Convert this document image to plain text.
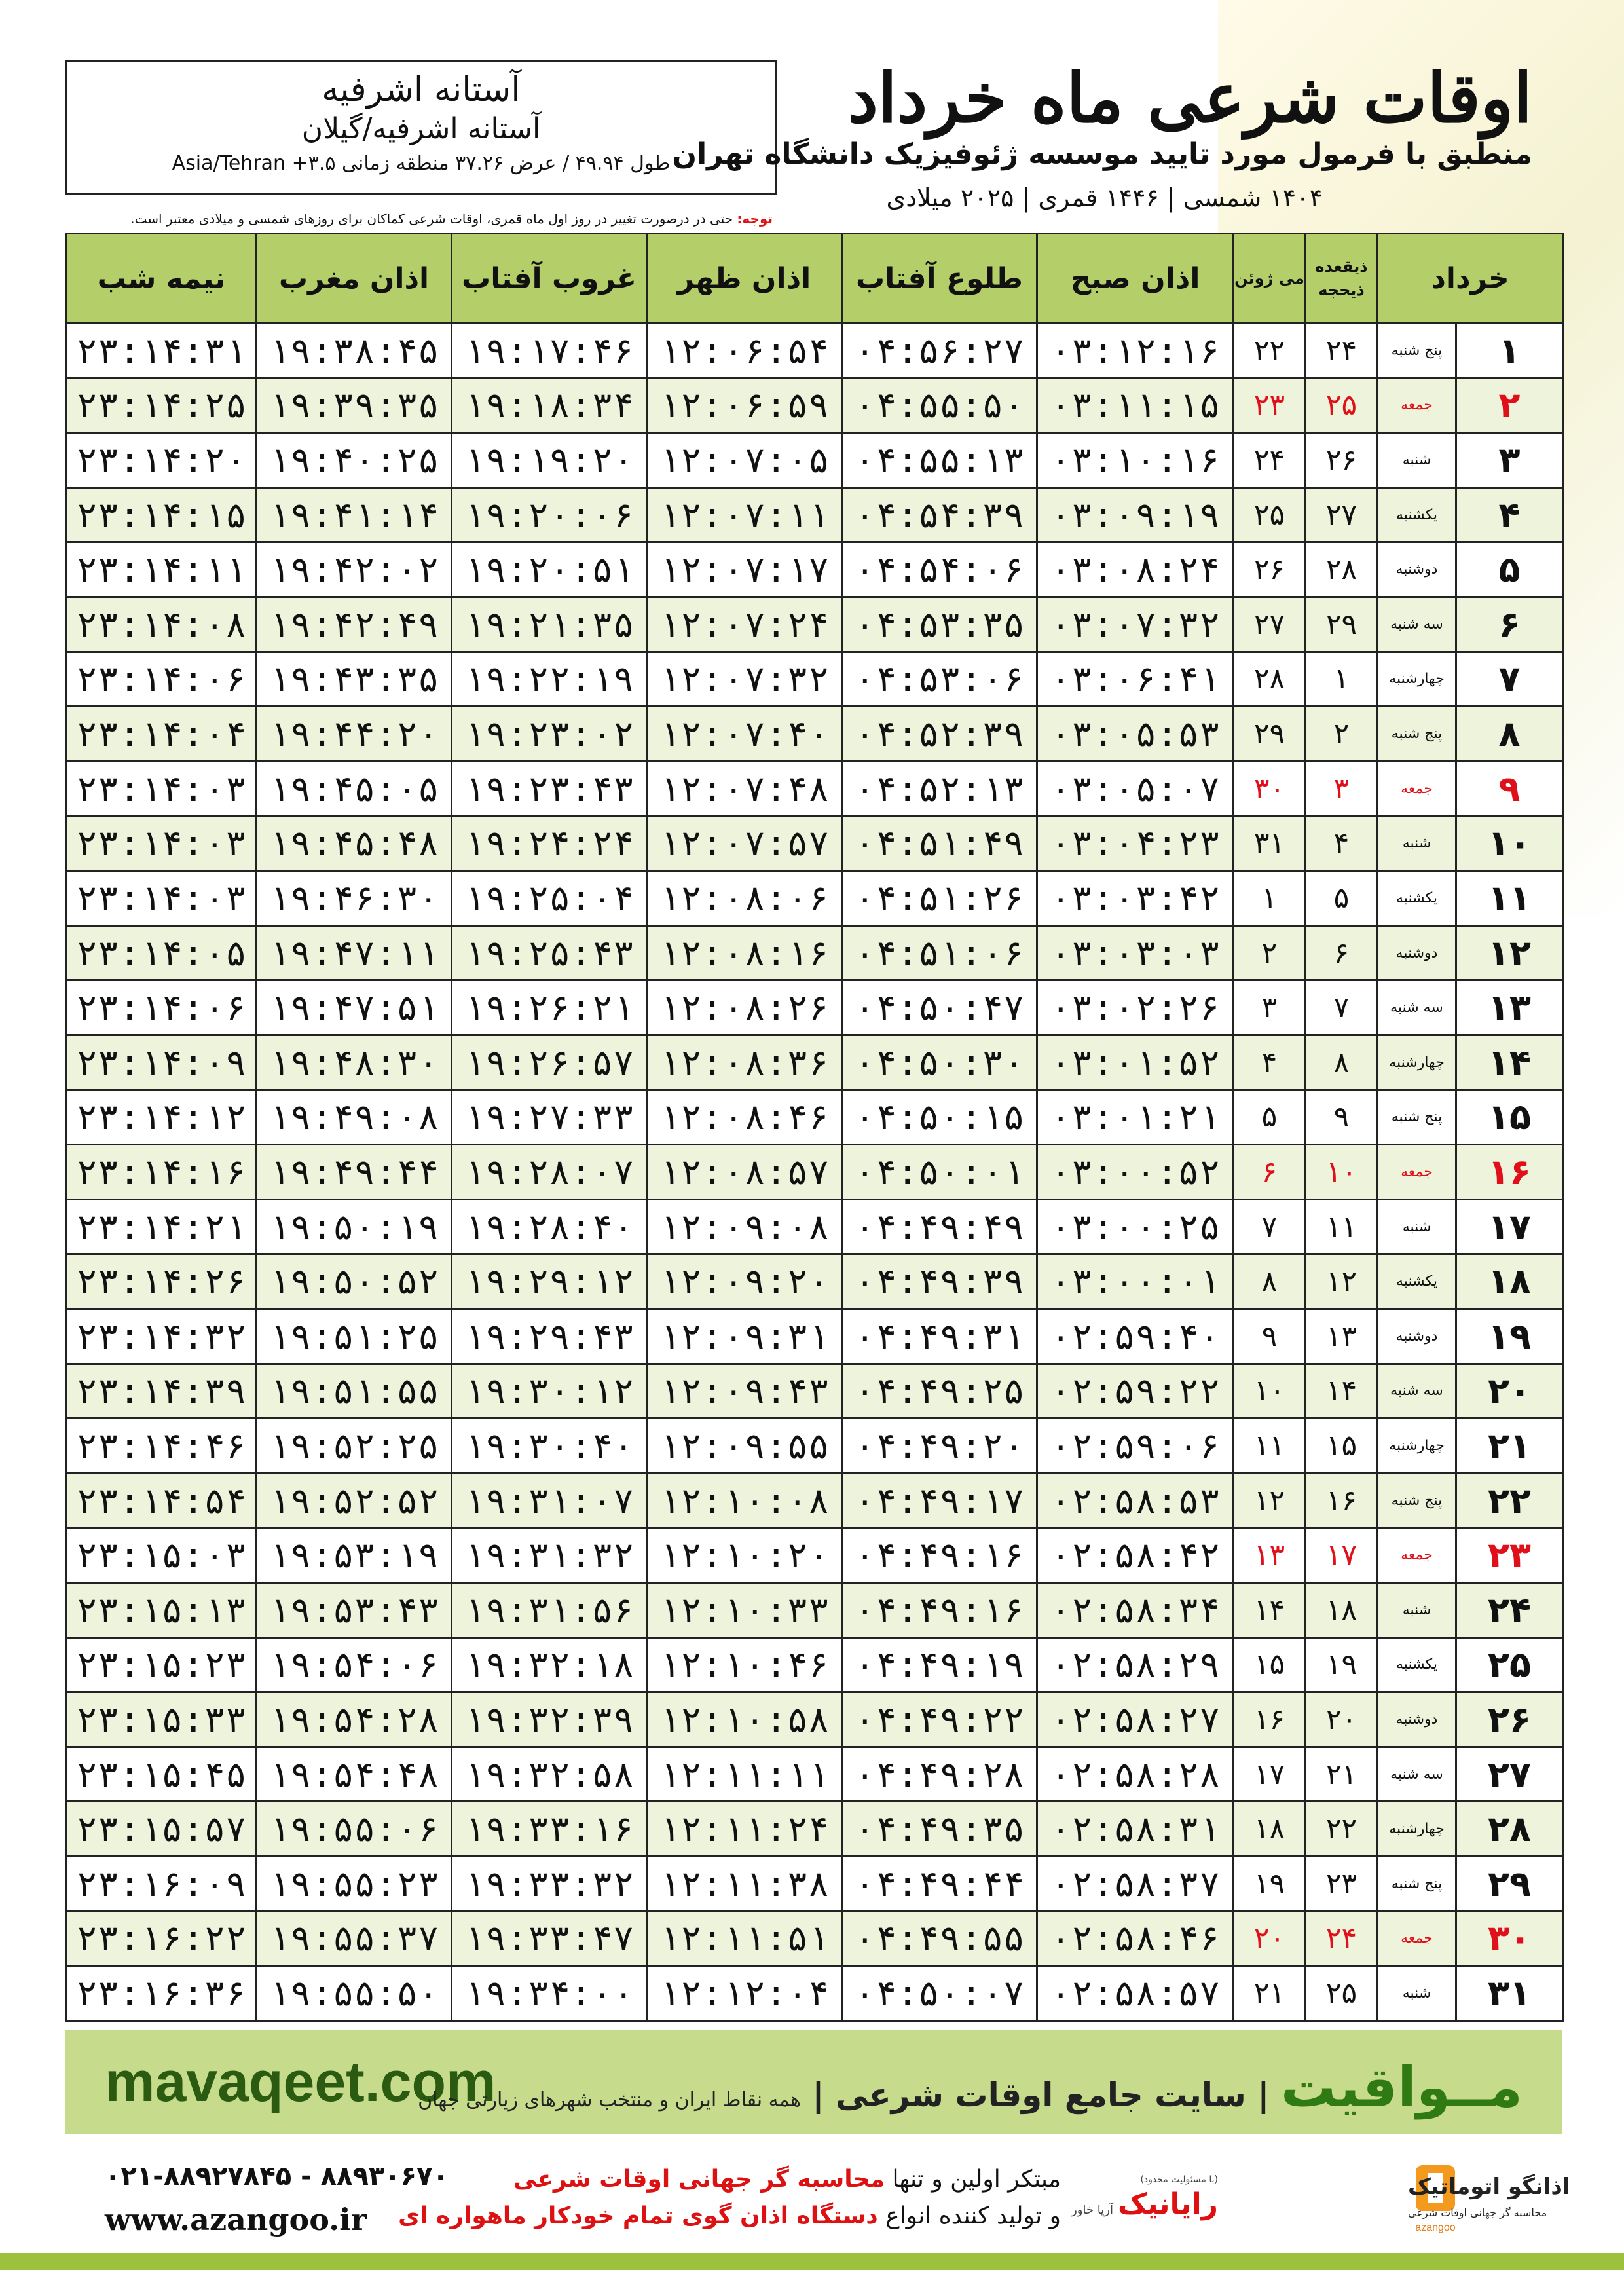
آستانه اشرفیه
آستانه اشرفیه/گیلان
طول ۴۹.۹۴ / عرض ۳۷.۲۶ منطقه زمانی ۳.۵+ Asia/Tehran
اوقات شرعی ماه خرداد
منطبق با فرمول مورد تایید موسسه ژئوفیزیک دانشگاه تهران
۱۴۰۴ شمسی | ۱۴۴۶ قمری | ۲۰۲۵ میلادی
توجه: حتی در درصورت تغییر در روز اول ماه قمری، اوقات شرعی کماکان برای روزهای شمسی و میلادی معتبر است.
خرداد		ذیقعده ذیحجه	می ژوئن	اذان صبح	طلوع آفتاب	اذان ظهر	غروب آفتاب	اذان مغرب	نیمه شب
۱	پنج شنبه	۲۴	۲۲	۰۳:۱۲:۱۶	۰۴:۵۶:۲۷	۱۲:۰۶:۵۴	۱۹:۱۷:۴۶	۱۹:۳۸:۴۵	۲۳:۱۴:۳۱
۲	جمعه	۲۵	۲۳	۰۳:۱۱:۱۵	۰۴:۵۵:۵۰	۱۲:۰۶:۵۹	۱۹:۱۸:۳۴	۱۹:۳۹:۳۵	۲۳:۱۴:۲۵
۳	شنبه	۲۶	۲۴	۰۳:۱۰:۱۶	۰۴:۵۵:۱۳	۱۲:۰۷:۰۵	۱۹:۱۹:۲۰	۱۹:۴۰:۲۵	۲۳:۱۴:۲۰
۴	یکشنبه	۲۷	۲۵	۰۳:۰۹:۱۹	۰۴:۵۴:۳۹	۱۲:۰۷:۱۱	۱۹:۲۰:۰۶	۱۹:۴۱:۱۴	۲۳:۱۴:۱۵
۵	دوشنبه	۲۸	۲۶	۰۳:۰۸:۲۴	۰۴:۵۴:۰۶	۱۲:۰۷:۱۷	۱۹:۲۰:۵۱	۱۹:۴۲:۰۲	۲۳:۱۴:۱۱
۶	سه شنبه	۲۹	۲۷	۰۳:۰۷:۳۲	۰۴:۵۳:۳۵	۱۲:۰۷:۲۴	۱۹:۲۱:۳۵	۱۹:۴۲:۴۹	۲۳:۱۴:۰۸
۷	چهارشنبه	۱	۲۸	۰۳:۰۶:۴۱	۰۴:۵۳:۰۶	۱۲:۰۷:۳۲	۱۹:۲۲:۱۹	۱۹:۴۳:۳۵	۲۳:۱۴:۰۶
۸	پنج شنبه	۲	۲۹	۰۳:۰۵:۵۳	۰۴:۵۲:۳۹	۱۲:۰۷:۴۰	۱۹:۲۳:۰۲	۱۹:۴۴:۲۰	۲۳:۱۴:۰۴
۹	جمعه	۳	۳۰	۰۳:۰۵:۰۷	۰۴:۵۲:۱۳	۱۲:۰۷:۴۸	۱۹:۲۳:۴۳	۱۹:۴۵:۰۵	۲۳:۱۴:۰۳
۱۰	شنبه	۴	۳۱	۰۳:۰۴:۲۳	۰۴:۵۱:۴۹	۱۲:۰۷:۵۷	۱۹:۲۴:۲۴	۱۹:۴۵:۴۸	۲۳:۱۴:۰۳
۱۱	یکشنبه	۵	۱	۰۳:۰۳:۴۲	۰۴:۵۱:۲۶	۱۲:۰۸:۰۶	۱۹:۲۵:۰۴	۱۹:۴۶:۳۰	۲۳:۱۴:۰۳
۱۲	دوشنبه	۶	۲	۰۳:۰۳:۰۳	۰۴:۵۱:۰۶	۱۲:۰۸:۱۶	۱۹:۲۵:۴۳	۱۹:۴۷:۱۱	۲۳:۱۴:۰۵
۱۳	سه شنبه	۷	۳	۰۳:۰۲:۲۶	۰۴:۵۰:۴۷	۱۲:۰۸:۲۶	۱۹:۲۶:۲۱	۱۹:۴۷:۵۱	۲۳:۱۴:۰۶
۱۴	چهارشنبه	۸	۴	۰۳:۰۱:۵۲	۰۴:۵۰:۳۰	۱۲:۰۸:۳۶	۱۹:۲۶:۵۷	۱۹:۴۸:۳۰	۲۳:۱۴:۰۹
۱۵	پنج شنبه	۹	۵	۰۳:۰۱:۲۱	۰۴:۵۰:۱۵	۱۲:۰۸:۴۶	۱۹:۲۷:۳۳	۱۹:۴۹:۰۸	۲۳:۱۴:۱۲
۱۶	جمعه	۱۰	۶	۰۳:۰۰:۵۲	۰۴:۵۰:۰۱	۱۲:۰۸:۵۷	۱۹:۲۸:۰۷	۱۹:۴۹:۴۴	۲۳:۱۴:۱۶
۱۷	شنبه	۱۱	۷	۰۳:۰۰:۲۵	۰۴:۴۹:۴۹	۱۲:۰۹:۰۸	۱۹:۲۸:۴۰	۱۹:۵۰:۱۹	۲۳:۱۴:۲۱
۱۸	یکشنبه	۱۲	۸	۰۳:۰۰:۰۱	۰۴:۴۹:۳۹	۱۲:۰۹:۲۰	۱۹:۲۹:۱۲	۱۹:۵۰:۵۲	۲۳:۱۴:۲۶
۱۹	دوشنبه	۱۳	۹	۰۲:۵۹:۴۰	۰۴:۴۹:۳۱	۱۲:۰۹:۳۱	۱۹:۲۹:۴۳	۱۹:۵۱:۲۵	۲۳:۱۴:۳۲
۲۰	سه شنبه	۱۴	۱۰	۰۲:۵۹:۲۲	۰۴:۴۹:۲۵	۱۲:۰۹:۴۳	۱۹:۳۰:۱۲	۱۹:۵۱:۵۵	۲۳:۱۴:۳۹
۲۱	چهارشنبه	۱۵	۱۱	۰۲:۵۹:۰۶	۰۴:۴۹:۲۰	۱۲:۰۹:۵۵	۱۹:۳۰:۴۰	۱۹:۵۲:۲۵	۲۳:۱۴:۴۶
۲۲	پنج شنبه	۱۶	۱۲	۰۲:۵۸:۵۳	۰۴:۴۹:۱۷	۱۲:۱۰:۰۸	۱۹:۳۱:۰۷	۱۹:۵۲:۵۲	۲۳:۱۴:۵۴
۲۳	جمعه	۱۷	۱۳	۰۲:۵۸:۴۲	۰۴:۴۹:۱۶	۱۲:۱۰:۲۰	۱۹:۳۱:۳۲	۱۹:۵۳:۱۹	۲۳:۱۵:۰۳
۲۴	شنبه	۱۸	۱۴	۰۲:۵۸:۳۴	۰۴:۴۹:۱۶	۱۲:۱۰:۳۳	۱۹:۳۱:۵۶	۱۹:۵۳:۴۳	۲۳:۱۵:۱۳
۲۵	یکشنبه	۱۹	۱۵	۰۲:۵۸:۲۹	۰۴:۴۹:۱۹	۱۲:۱۰:۴۶	۱۹:۳۲:۱۸	۱۹:۵۴:۰۶	۲۳:۱۵:۲۳
۲۶	دوشنبه	۲۰	۱۶	۰۲:۵۸:۲۷	۰۴:۴۹:۲۲	۱۲:۱۰:۵۸	۱۹:۳۲:۳۹	۱۹:۵۴:۲۸	۲۳:۱۵:۳۳
۲۷	سه شنبه	۲۱	۱۷	۰۲:۵۸:۲۸	۰۴:۴۹:۲۸	۱۲:۱۱:۱۱	۱۹:۳۲:۵۸	۱۹:۵۴:۴۸	۲۳:۱۵:۴۵
۲۸	چهارشنبه	۲۲	۱۸	۰۲:۵۸:۳۱	۰۴:۴۹:۳۵	۱۲:۱۱:۲۴	۱۹:۳۳:۱۶	۱۹:۵۵:۰۶	۲۳:۱۵:۵۷
۲۹	پنج شنبه	۲۳	۱۹	۰۲:۵۸:۳۷	۰۴:۴۹:۴۴	۱۲:۱۱:۳۸	۱۹:۳۳:۳۲	۱۹:۵۵:۲۳	۲۳:۱۶:۰۹
۳۰	جمعه	۲۴	۲۰	۰۲:۵۸:۴۶	۰۴:۴۹:۵۵	۱۲:۱۱:۵۱	۱۹:۳۳:۴۷	۱۹:۵۵:۳۷	۲۳:۱۶:۲۲
۳۱	شنبه	۲۵	۲۱	۰۲:۵۸:۵۷	۰۴:۵۰:۰۷	۱۲:۱۲:۰۴	۱۹:۳۴:۰۰	۱۹:۵۵:۵۰	۲۳:۱۶:۳۶
mavaqeet.com	مــواقیت | سایت جامع اوقات شرعی | همه نقاط ایران و منتخب شهرهای زیارتی جهان
۰۲۱-۸۸۹۲۷۸۴۵ - ۸۸۹۳۰۶۷۰
www.azangoo.ir
مبتکر اولین و تنها محاسبه گر جهانی اوقات شرعی
و تولید کننده انواع دستگاه اذان گوی تمام خودکار ماهواره ای	azangoo
اذانگو اتوماتیک
محاسبه گر جهانی اوقات شرعی
(با مسئولیت محدود)
رایانیک
آریا خاور
